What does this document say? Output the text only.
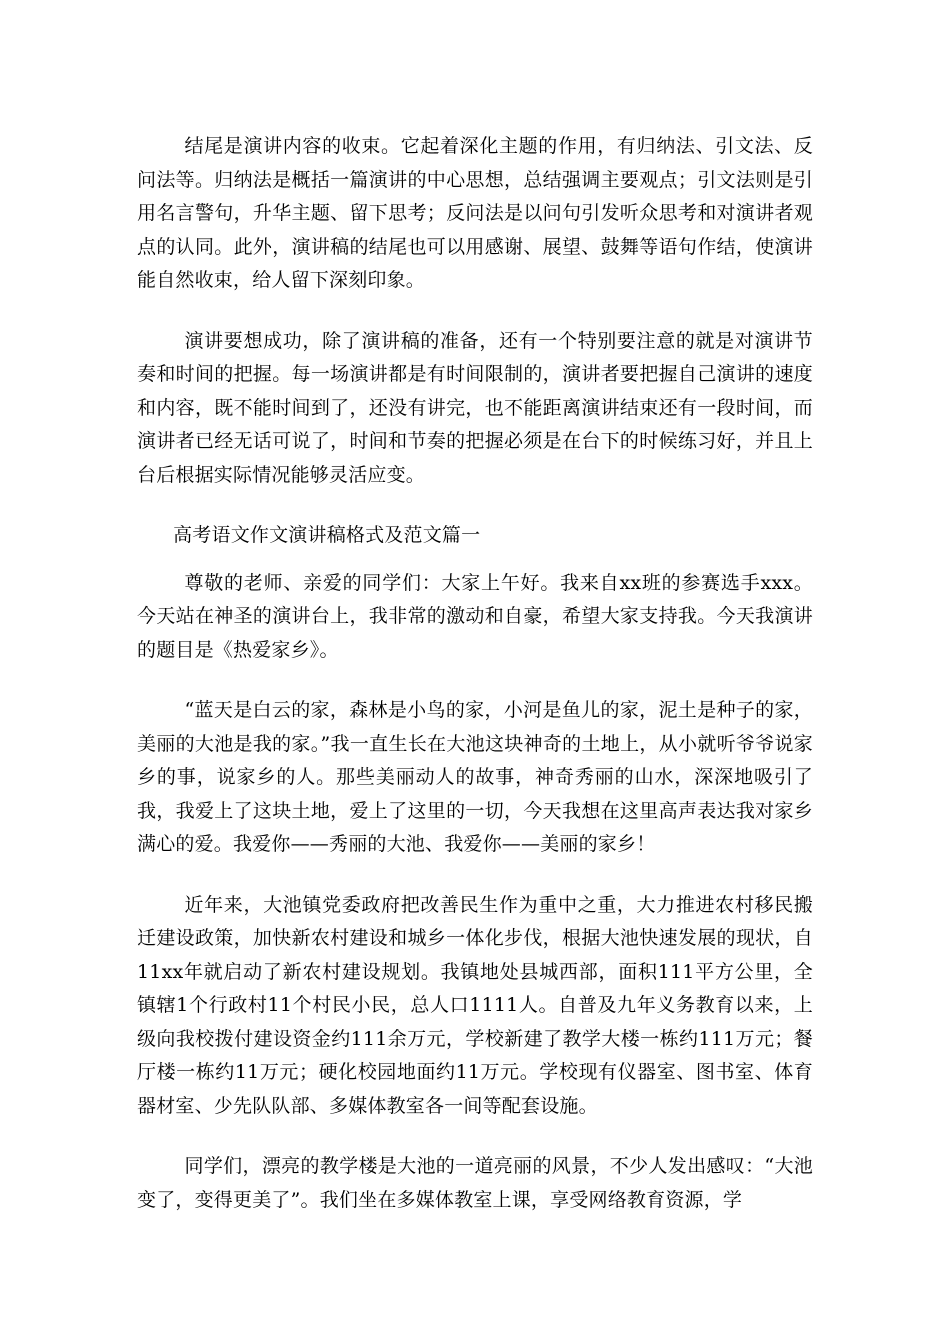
结尾是演讲内容的收束。它起着深化主题的作用，有归纳法、引文法、反问法等。归纳法是概括一篇演讲的中心思想，总结强调主要观点；引文法则是引用名言警句，升华主题、留下思考；反问法是以问句引发听众思考和对演讲者观点的认同。此外，演讲稿的结尾也可以用感谢、展望、鼓舞等语句作结，使演讲能自然收束，给人留下深刻印象。

演讲要想成功，除了演讲稿的准备，还有一个特别要注意的就是对演讲节奏和时间的把握。每一场演讲都是有时间限制的，演讲者要把握自己演讲的速度和内容，既不能时间到了，还没有讲完，也不能距离演讲结束还有一段时间，而演讲者已经无话可说了，时间和节奏的把握必须是在台下的时候练习好，并且上台后根据实际情况能够灵活应变。

高考语文作文演讲稿格式及范文篇一

尊敬的老师、亲爱的同学们：大家上午好。我来自xx班的参赛选手xxx。今天站在神圣的演讲台上，我非常的激动和自豪，希望大家支持我。今天我演讲的题目是《热爱家乡》。

“蓝天是白云的家，森林是小鸟的家，小河是鱼儿的家，泥土是种子的家，美丽的大池是我的家。”我一直生长在大池这块神奇的土地上，从小就听爷爷说家乡的事，说家乡的人。那些美丽动人的故事，神奇秀丽的山水，深深地吸引了我，我爱上了这块土地，爱上了这里的一切，今天我想在这里高声表达我对家乡满心的爱。我爱你——秀丽的大池、我爱你——美丽的家乡！

近年来，大池镇党委政府把改善民生作为重中之重，大力推进农村移民搬迁建设政策，加快新农村建设和城乡一体化步伐，根据大池快速发展的现状，自11xx年就启动了新农村建设规划。我镇地处县城西部，面积111平方公里，全镇辖1个行政村11个村民小民，总人口1111人。自普及九年义务教育以来，上级向我校拨付建设资金约111余万元，学校新建了教学大楼一栋约111万元；餐厅楼一栋约11万元；硬化校园地面约11万元。学校现有仪器室、图书室、体育器材室、少先队队部、多媒体教室各一间等配套设施。

同学们，漂亮的教学楼是大池的一道亮丽的风景，不少人发出感叹：“大池变了，变得更美了”。我们坐在多媒体教室上课，享受网络教育资源，学
